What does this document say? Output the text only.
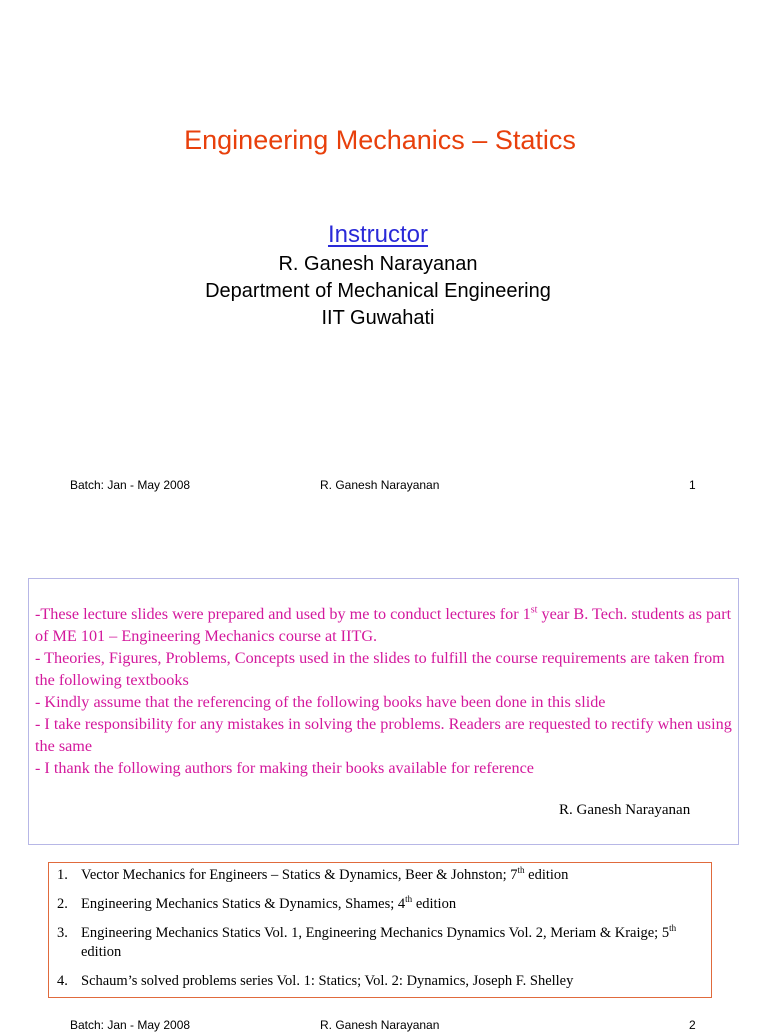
Engineering Mechanics – Statics
Instructor
R. Ganesh Narayanan
Department of Mechanical Engineering
IIT Guwahati
Batch: Jan - May 2008	R. Ganesh Narayanan	1

-These lecture slides were prepared and used by me to conduct lectures for 1st year B. Tech. students as part of ME 101 – Engineering Mechanics course at IITG.

- Theories, Figures, Problems, Concepts used in the slides to fulfill the course requirements are taken from the following textbooks

- Kindly assume that the referencing of the following books have been done in this slide

- I take responsibility for any mistakes in solving the problems. Readers are requested to rectify when using the same

- I thank the following authors for making their books available for reference

R. Ganesh Narayanan
1. Vector Mechanics for Engineers – Statics & Dynamics, Beer & Johnston; 7th edition
2. Engineering Mechanics Statics & Dynamics, Shames; 4th edition
3. Engineering Mechanics Statics Vol. 1, Engineering Mechanics Dynamics Vol. 2, Meriam & Kraige; 5th edition
4. Schaum’s solved problems series Vol. 1: Statics; Vol. 2: Dynamics, Joseph F. Shelley
Batch: Jan - May 2008	R. Ganesh Narayanan	2
